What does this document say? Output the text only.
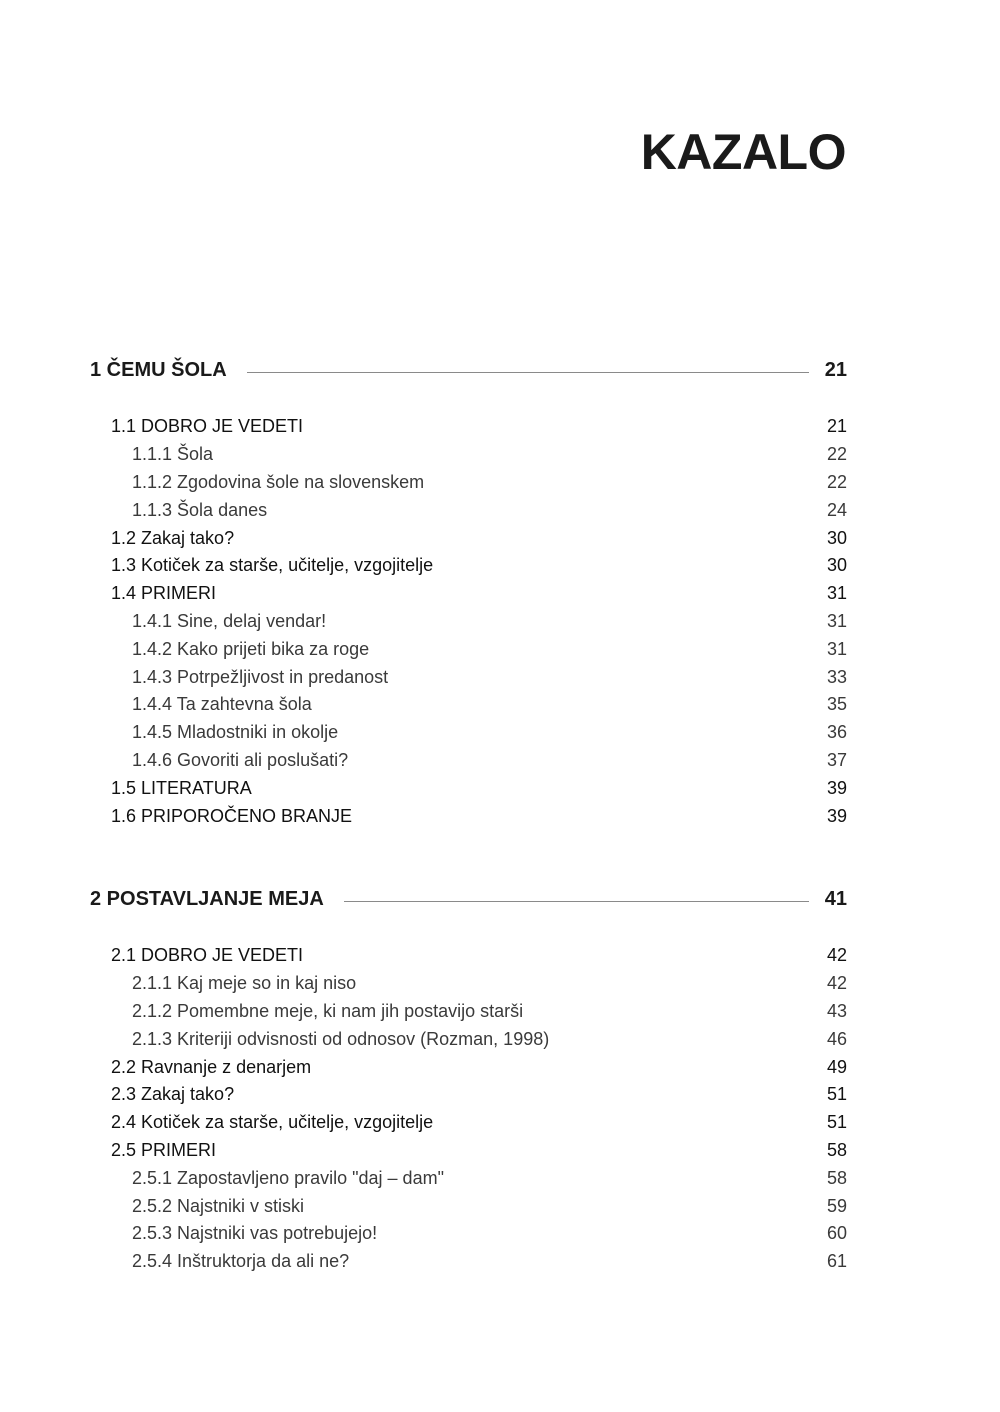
KAZALO
1 ČEMU ŠOLA	21
1.1 DOBRO JE VEDETI	21
1.1.1 Šola	22
1.1.2 Zgodovina šole na slovenskem	22
1.1.3 Šola danes	24
1.2 Zakaj tako?	30
1.3 Kotiček za starše, učitelje, vzgojitelje	30
1.4 PRIMERI	31
1.4.1 Sine, delaj vendar!	31
1.4.2 Kako prijeti bika za roge	31
1.4.3 Potrpežljivost in predanost	33
1.4.4 Ta zahtevna šola	35
1.4.5 Mladostniki in okolje	36
1.4.6 Govoriti ali poslušati?	37
1.5 LITERATURA	39
1.6 PRIPOROČENO BRANJE	39
2 POSTAVLJANJE MEJA	41
2.1 DOBRO JE VEDETI	42
2.1.1 Kaj meje so in kaj niso	42
2.1.2 Pomembne meje, ki nam jih postavijo starši	43
2.1.3 Kriteriji odvisnosti od odnosov (Rozman, 1998)	46
2.2 Ravnanje z denarjem	49
2.3 Zakaj tako?	51
2.4 Kotiček za starše, učitelje, vzgojitelje	51
2.5 PRIMERI	58
2.5.1 Zapostavljeno pravilo "daj – dam"	58
2.5.2 Najstniki v stiski	59
2.5.3 Najstniki vas potrebujejo!	60
2.5.4 Inštruktorja da ali ne?	61
